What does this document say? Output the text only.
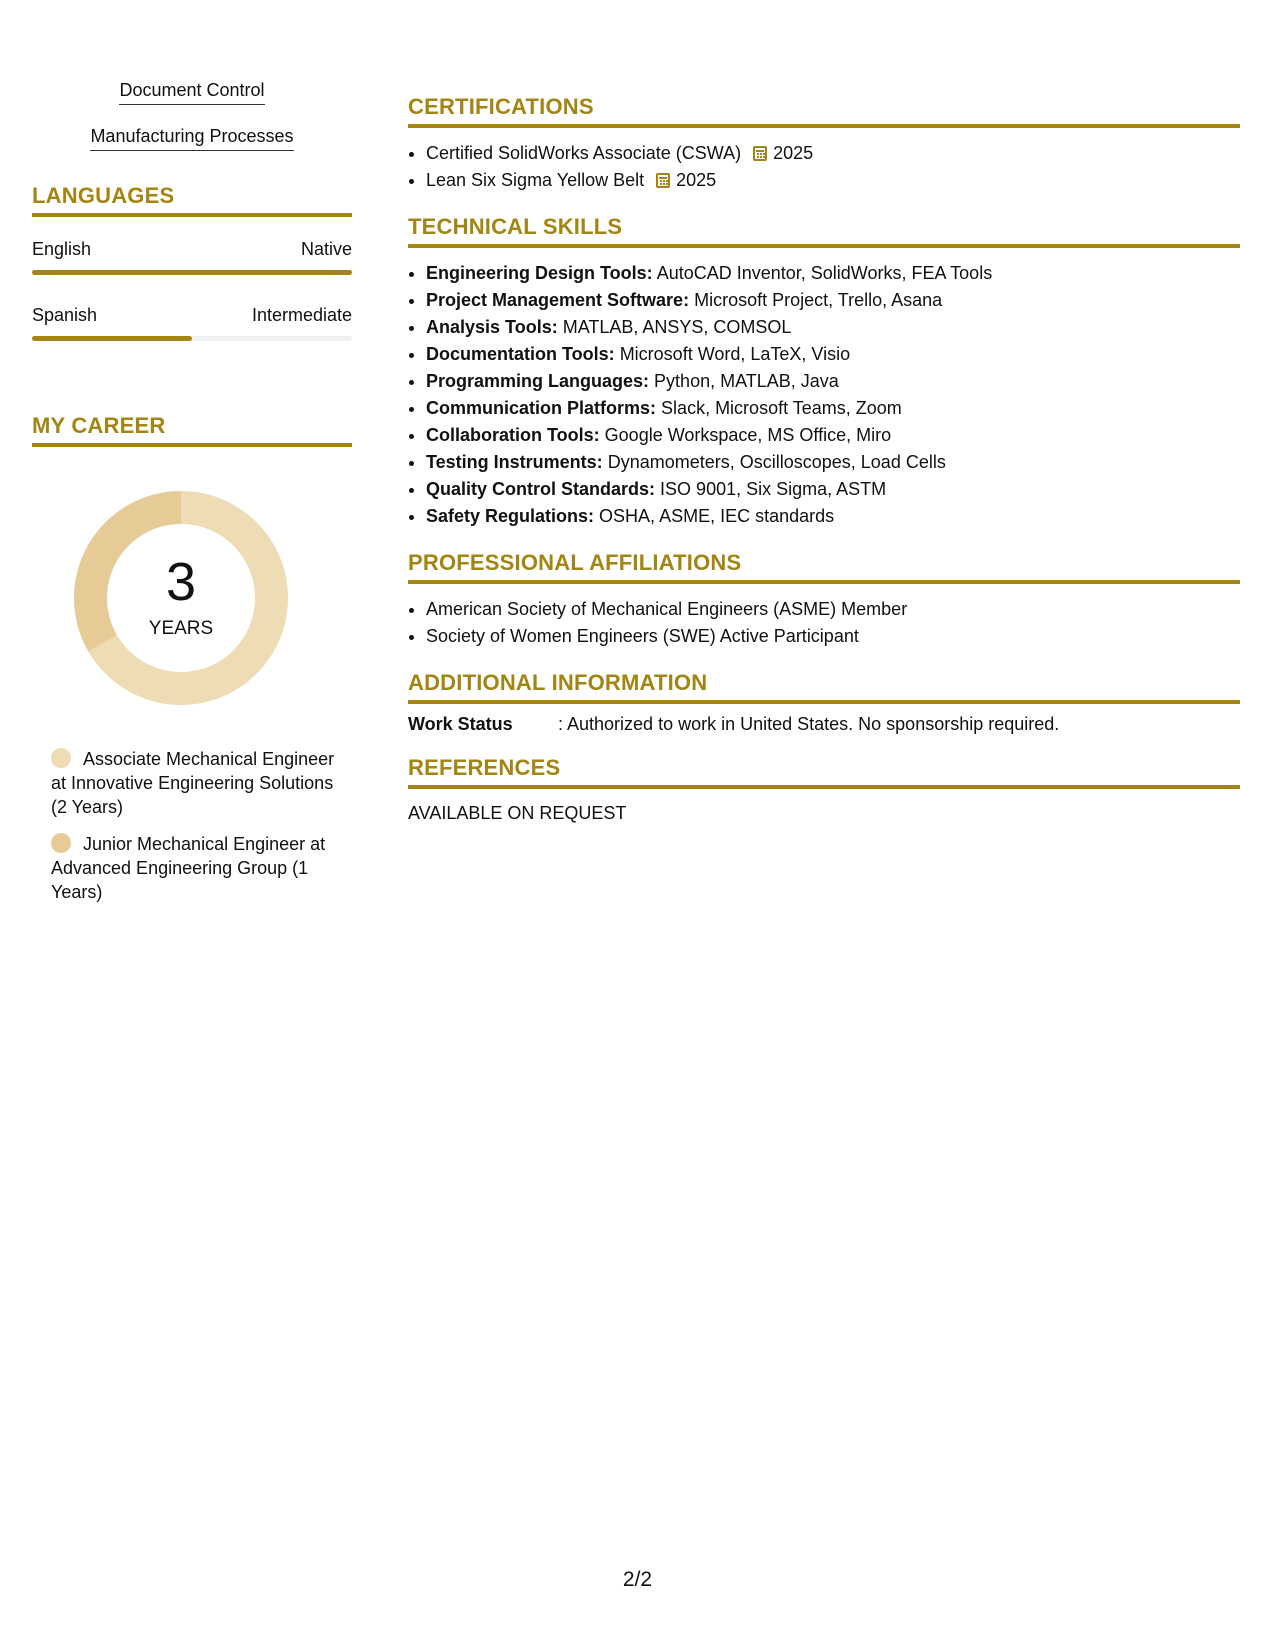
Document Control
Manufacturing Processes
LANGUAGES
English	Native
Spanish	Intermediate
MY CAREER
3
YEARS
Associate Mechanical Engineer at Innovative Engineering Solutions (2 Years)
Junior Mechanical Engineer at Advanced Engineering Group (1 Years)
CERTIFICATIONS
• Certified SolidWorks Associate (CSWA) 2025
• Lean Six Sigma Yellow Belt 2025
TECHNICAL SKILLS
• Engineering Design Tools: AutoCAD Inventor, SolidWorks, FEA Tools
• Project Management Software: Microsoft Project, Trello, Asana
• Analysis Tools: MATLAB, ANSYS, COMSOL
• Documentation Tools: Microsoft Word, LaTeX, Visio
• Programming Languages: Python, MATLAB, Java
• Communication Platforms: Slack, Microsoft Teams, Zoom
• Collaboration Tools: Google Workspace, MS Office, Miro
• Testing Instruments: Dynamometers, Oscilloscopes, Load Cells
• Quality Control Standards: ISO 9001, Six Sigma, ASTM
• Safety Regulations: OSHA, ASME, IEC standards
PROFESSIONAL AFFILIATIONS
• American Society of Mechanical Engineers (ASME) Member
• Society of Women Engineers (SWE) Active Participant
ADDITIONAL INFORMATION
Work Status	: Authorized to work in United States. No sponsorship required.
REFERENCES
AVAILABLE ON REQUEST
2/2
